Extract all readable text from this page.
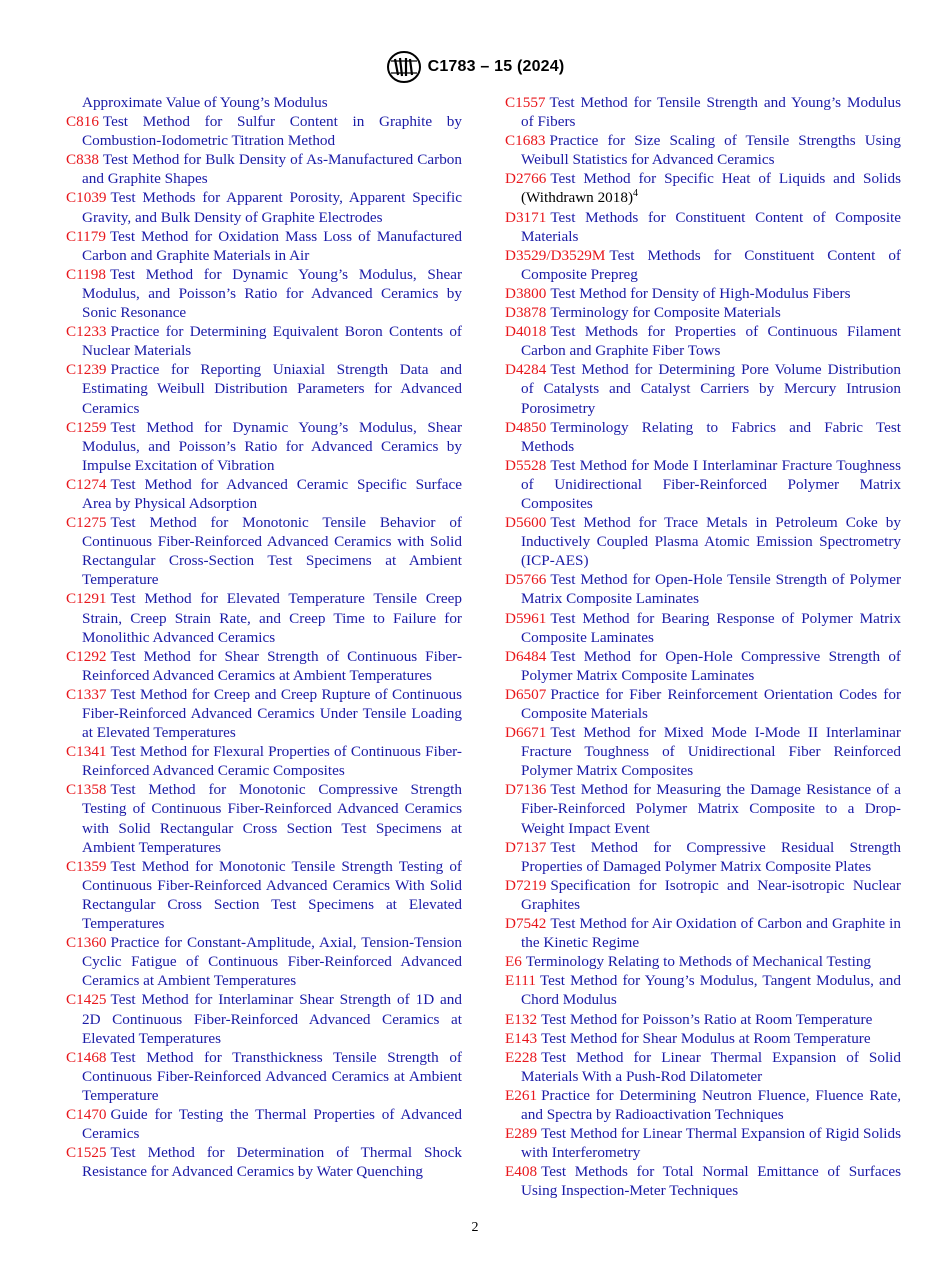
C1783 – 15 (2024)

Approximate Value of Young’s Modulus

C816 Test Method for Sulfur Content in Graphite by Combustion-Iodometric Titration Method

C838 Test Method for Bulk Density of As-Manufactured Carbon and Graphite Shapes

C1039 Test Methods for Apparent Porosity, Apparent Specific Gravity, and Bulk Density of Graphite Electrodes

C1179 Test Method for Oxidation Mass Loss of Manufactured Carbon and Graphite Materials in Air

C1198 Test Method for Dynamic Young’s Modulus, Shear Modulus, and Poisson’s Ratio for Advanced Ceramics by Sonic Resonance

C1233 Practice for Determining Equivalent Boron Contents of Nuclear Materials

C1239 Practice for Reporting Uniaxial Strength Data and Estimating Weibull Distribution Parameters for Advanced Ceramics

C1259 Test Method for Dynamic Young’s Modulus, Shear Modulus, and Poisson’s Ratio for Advanced Ceramics by Impulse Excitation of Vibration

C1274 Test Method for Advanced Ceramic Specific Surface Area by Physical Adsorption

C1275 Test Method for Monotonic Tensile Behavior of Continuous Fiber-Reinforced Advanced Ceramics with Solid Rectangular Cross-Section Test Specimens at Ambient Temperature

C1291 Test Method for Elevated Temperature Tensile Creep Strain, Creep Strain Rate, and Creep Time to Failure for Monolithic Advanced Ceramics

C1292 Test Method for Shear Strength of Continuous Fiber-Reinforced Advanced Ceramics at Ambient Temperatures

C1337 Test Method for Creep and Creep Rupture of Continuous Fiber-Reinforced Advanced Ceramics Under Tensile Loading at Elevated Temperatures

C1341 Test Method for Flexural Properties of Continuous Fiber-Reinforced Advanced Ceramic Composites

C1358 Test Method for Monotonic Compressive Strength Testing of Continuous Fiber-Reinforced Advanced Ceramics with Solid Rectangular Cross Section Test Specimens at Ambient Temperatures

C1359 Test Method for Monotonic Tensile Strength Testing of Continuous Fiber-Reinforced Advanced Ceramics With Solid Rectangular Cross Section Test Specimens at Elevated Temperatures

C1360 Practice for Constant-Amplitude, Axial, Tension-Tension Cyclic Fatigue of Continuous Fiber-Reinforced Advanced Ceramics at Ambient Temperatures

C1425 Test Method for Interlaminar Shear Strength of 1D and 2D Continuous Fiber-Reinforced Advanced Ceramics at Elevated Temperatures

C1468 Test Method for Transthickness Tensile Strength of Continuous Fiber-Reinforced Advanced Ceramics at Ambient Temperature

C1470 Guide for Testing the Thermal Properties of Advanced Ceramics

C1525 Test Method for Determination of Thermal Shock Resistance for Advanced Ceramics by Water Quenching

C1557 Test Method for Tensile Strength and Young’s Modulus of Fibers

C1683 Practice for Size Scaling of Tensile Strengths Using Weibull Statistics for Advanced Ceramics

D2766 Test Method for Specific Heat of Liquids and Solids (Withdrawn 2018)$^4$

D3171 Test Methods for Constituent Content of Composite Materials

D3529/D3529M Test Methods for Constituent Content of Composite Prepreg

D3800 Test Method for Density of High-Modulus Fibers

D3878 Terminology for Composite Materials

D4018 Test Methods for Properties of Continuous Filament Carbon and Graphite Fiber Tows

D4284 Test Method for Determining Pore Volume Distribution of Catalysts and Catalyst Carriers by Mercury Intrusion Porosimetry

D4850 Terminology Relating to Fabrics and Fabric Test Methods

D5528 Test Method for Mode I Interlaminar Fracture Toughness of Unidirectional Fiber-Reinforced Polymer Matrix Composites

D5600 Test Method for Trace Metals in Petroleum Coke by Inductively Coupled Plasma Atomic Emission Spectrometry (ICP-AES)

D5766 Test Method for Open-Hole Tensile Strength of Polymer Matrix Composite Laminates

D5961 Test Method for Bearing Response of Polymer Matrix Composite Laminates

D6484 Test Method for Open-Hole Compressive Strength of Polymer Matrix Composite Laminates

D6507 Practice for Fiber Reinforcement Orientation Codes for Composite Materials

D6671 Test Method for Mixed Mode I-Mode II Interlaminar Fracture Toughness of Unidirectional Fiber Reinforced Polymer Matrix Composites

D7136 Test Method for Measuring the Damage Resistance of a Fiber-Reinforced Polymer Matrix Composite to a Drop-Weight Impact Event

D7137 Test Method for Compressive Residual Strength Properties of Damaged Polymer Matrix Composite Plates

D7219 Specification for Isotropic and Near-isotropic Nuclear Graphites

D7542 Test Method for Air Oxidation of Carbon and Graphite in the Kinetic Regime

E6 Terminology Relating to Methods of Mechanical Testing

E111 Test Method for Young’s Modulus, Tangent Modulus, and Chord Modulus

E132 Test Method for Poisson’s Ratio at Room Temperature

E143 Test Method for Shear Modulus at Room Temperature

E228 Test Method for Linear Thermal Expansion of Solid Materials With a Push-Rod Dilatometer

E261 Practice for Determining Neutron Fluence, Fluence Rate, and Spectra by Radioactivation Techniques

E289 Test Method for Linear Thermal Expansion of Rigid Solids with Interferometry

E408 Test Methods for Total Normal Emittance of Surfaces Using Inspection-Meter Techniques

2
